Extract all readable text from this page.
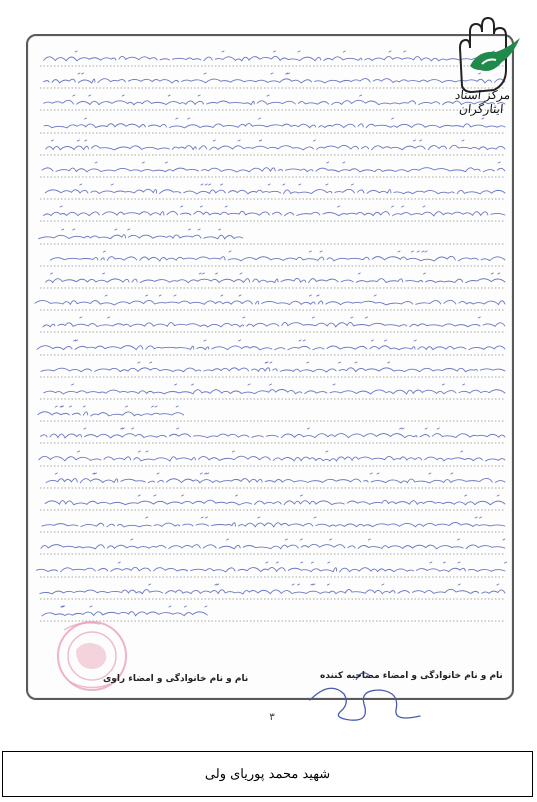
مرکز اسناد ایثارگران
نام و نام خانوادگی و امضاء مصاحبه کننده
نام و نام خانوادگی و امضاء راوی
۳
شهید محمد پوریای ولی
